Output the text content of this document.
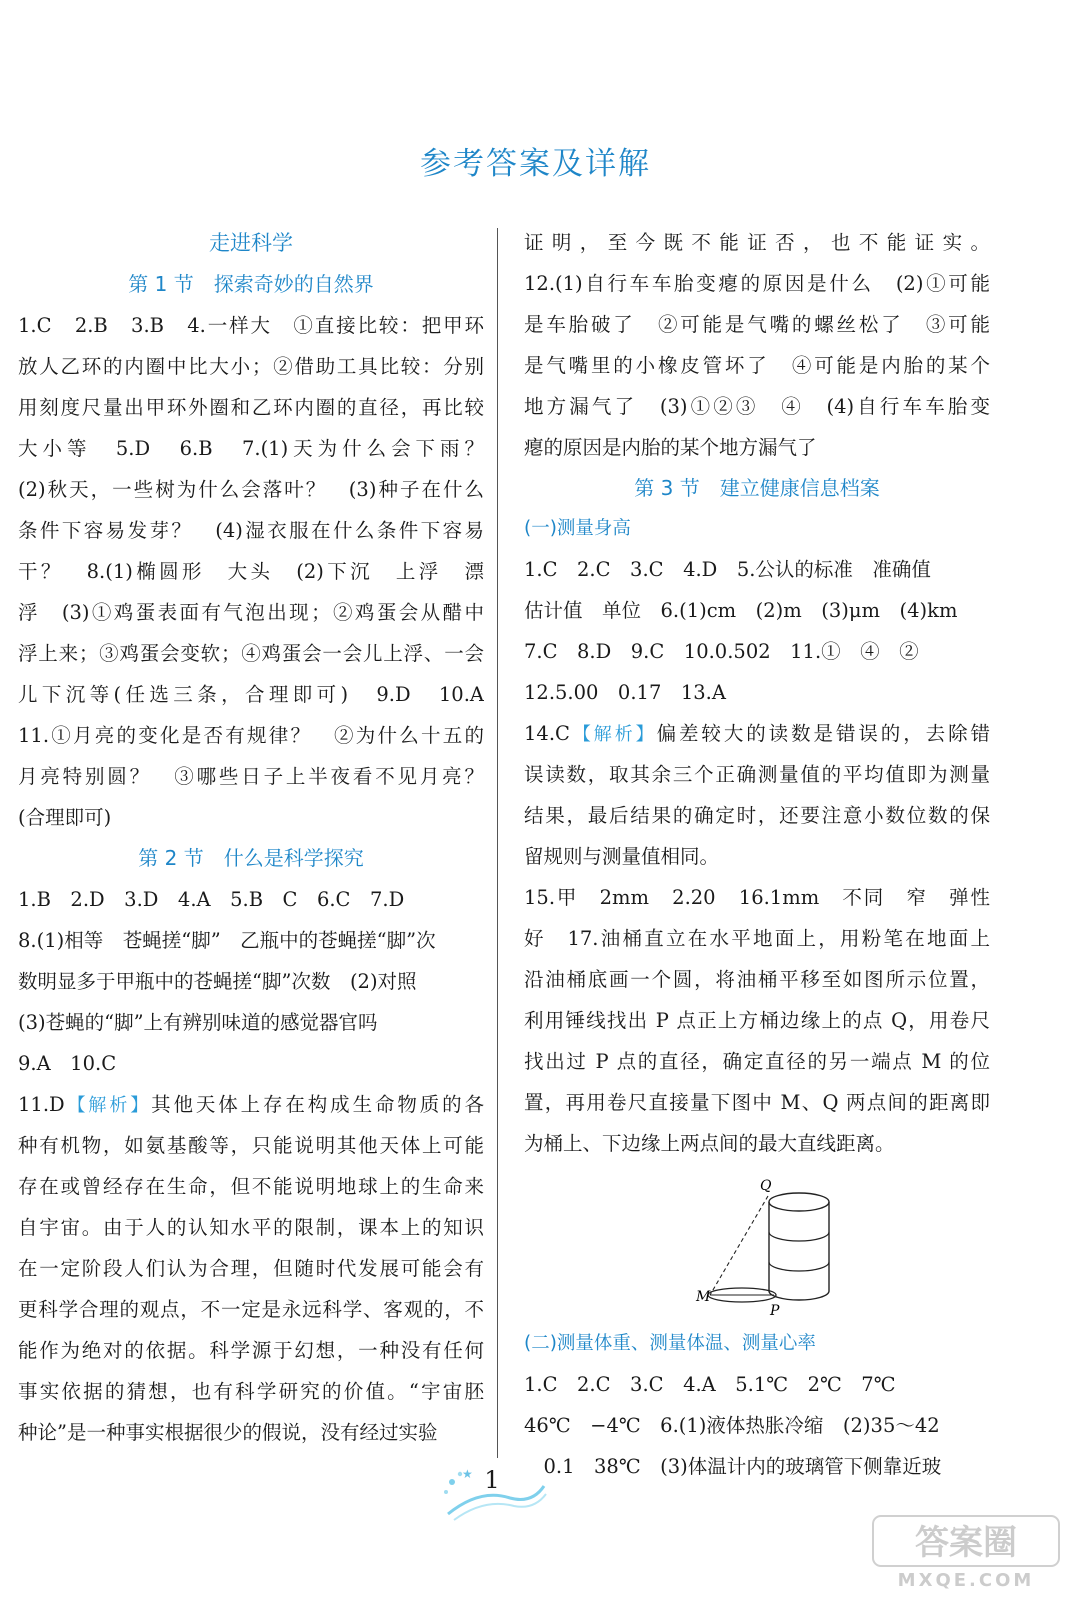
参考答案及详解
走进科学
第 1 节　探索奇妙的自然界
1.C　2.B　3.B　4.一样大　①直接比较：把甲环
放人乙环的内圈中比大小；②借助工具比较：分别
用刻度尺量出甲环外圈和乙环内圈的直径，再比较
大小等　5.D　6.B　7.(1)天为什么会下雨？
(2)秋天，一些树为什么会落叶？　(3)种子在什么
条件下容易发芽？　(4)湿衣服在什么条件下容易
干？　8.(1)椭圆形　大头　(2)下沉　上浮　漂
浮　(3)①鸡蛋表面有气泡出现；②鸡蛋会从醋中
浮上来；③鸡蛋会变软；④鸡蛋会一会儿上浮、一会
儿下沉等(任选三条，合理即可)　9.D　10.A
11.①月亮的变化是否有规律？　②为什么十五的
月亮特别圆？　③哪些日子上半夜看不见月亮？
(合理即可)
第 2 节　什么是科学探究
1.B　2.D　3.D　4.A　5.B　C　6.C　7.D
8.(1)相等　苍蝇搓“脚”　乙瓶中的苍蝇搓“脚”次
数明显多于甲瓶中的苍蝇搓“脚”次数　(2)对照
(3)苍蝇的“脚”上有辨别味道的感觉器官吗
9.A　10.C
11.D【解析】其他天体上存在构成生命物质的各
种有机物，如氨基酸等，只能说明其他天体上可能
存在或曾经存在生命，但不能说明地球上的生命来
自宇宙。由于人的认知水平的限制，课本上的知识
在一定阶段人们认为合理，但随时代发展可能会有
更科学合理的观点，不一定是永远科学、客观的，不
能作为绝对的依据。科学源于幻想，一种没有任何
事实依据的猜想，也有科学研究的价值。“宇宙胚
种论”是一种事实根据很少的假说，没有经过实验
证明，至今既不能证否，也不能证实。
12.(1)自行车车胎变瘪的原因是什么　(2)①可能
是车胎破了　②可能是气嘴的螺丝松了　③可能
是气嘴里的小橡皮管坏了　④可能是内胎的某个
地方漏气了　(3)①②③　④　(4)自行车车胎变
瘪的原因是内胎的某个地方漏气了
第 3 节　建立健康信息档案
(一)测量身高
1.C　2.C　3.C　4.D　5.公认的标准　准确值
估计值　单位　6.(1)cm　(2)m　(3)μm　(4)km
7.C　8.D　9.C　10.0.502　11.①　④　②
12.5.00　0.17　13.A
14.C【解析】偏差较大的读数是错误的，去除错
误读数，取其余三个正确测量值的平均值即为测量
结果，最后结果的确定时，还要注意小数位数的保
留规则与测量值相同。
15.甲　2mm　2.20　16.1mm　不同　窄　弹性
好　17.油桶直立在水平地面上，用粉笔在地面上
沿油桶底画一个圆，将油桶平移至如图所示位置，
利用锤线找出 P 点正上方桶边缘上的点 Q，用卷尺
找出过 P 点的直径，确定直径的另一端点 M 的位
置，再用卷尺直接量下图中 M、Q 两点间的距离即
为桶上、下边缘上两点间的最大直线距离。
Q
M
P
(二)测量体重、测量体温、测量心率
1.C　2.C　3.C　4.A　5.1℃　2℃　7℃
46℃　−4℃　6.(1)液体热胀冷缩　(2)35～42
　0.1　38℃　(3)体温计内的玻璃管下侧靠近玻
★ 1
答案圈
MXQE.COM
